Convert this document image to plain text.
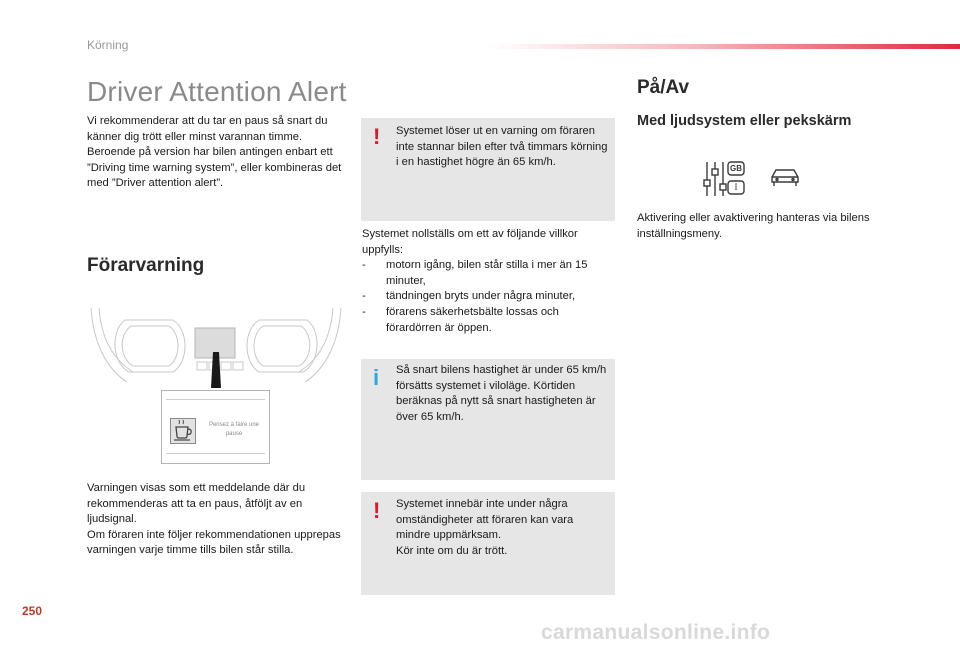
Körning
Driver Attention Alert
Vi rekommenderar att du tar en paus så snart du känner dig trött eller minst varannan timme. Beroende på version har bilen antingen enbart ett ”Driving time warning system”, eller kombineras det med ”Driver attention alert”.
Förarvarning
Pensez à faire une
pause
Varningen visas som ett meddelande där du rekommenderas att ta en paus, åtföljt av en ljudsignal.
Om föraren inte följer rekommendationen upprepas varningen varje timme tills bilen står stilla.
! Systemet löser ut en varning om föraren inte stannar bilen efter två timmars körning i en hastighet högre än 65 km/h.
Systemet nollställs om ett av följande villkor uppfylls:
- motorn igång, bilen står stilla i mer än 15 minuter,
- tändningen bryts under några minuter,
- förarens säkerhetsbälte lossas och förardörren är öppen.
i Så snart bilens hastighet är under 65 km/h försätts systemet i viloläge. Körtiden beräknas på nytt så snart hastigheten är över 65 km/h.
! Systemet innebär inte under några omständigheter att föraren kan vara mindre uppmärksam.
Kör inte om du är trött.
På/Av
Med ljudsystem eller pekskärm
GB
I
Aktivering eller avaktivering hanteras via bilens inställningsmeny.
250
carmanualsonline.info
